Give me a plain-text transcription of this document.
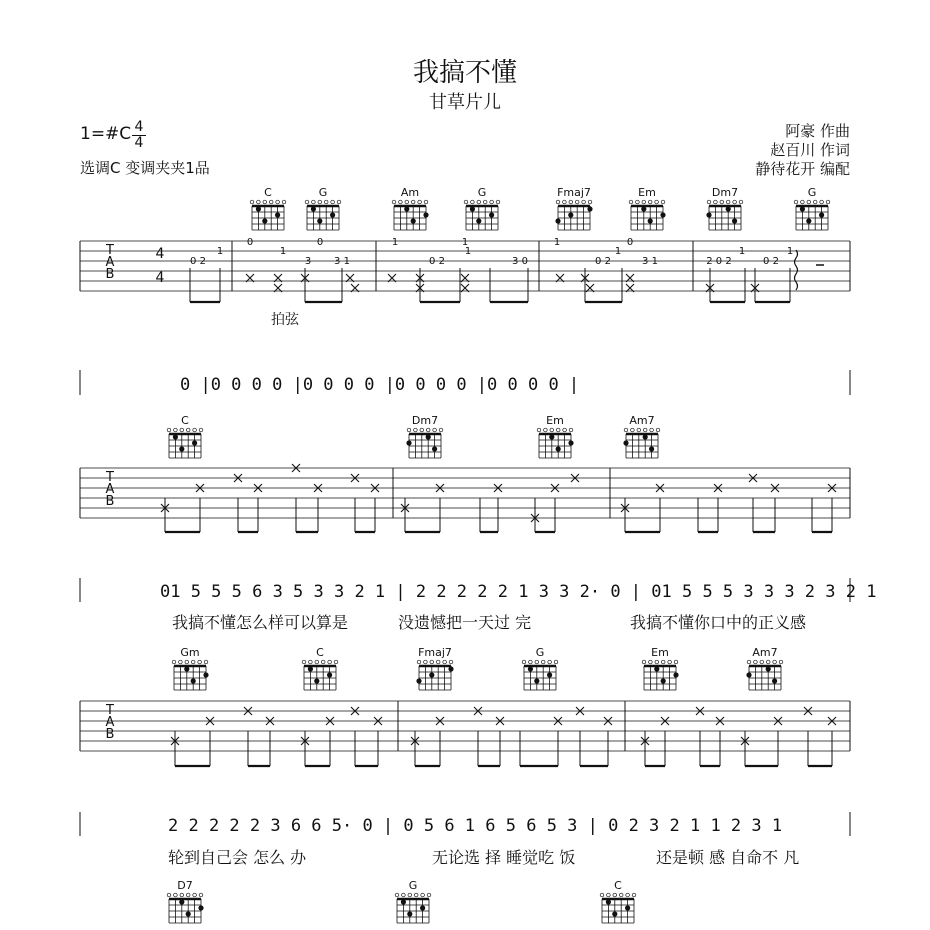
我搞不懂
甘草片儿
1=#C 4
4
选调C 变调夹夹1品
阿豪 作曲
赵百川 作词
静待花开 编配
C	G	Am	G	Fmaj7	Em	Dm7	G
T
A
B
4
4
0	0	1	1	1	0
0 2	3 3 1	0 2	3 0	0 2	3 1	2 0 2	0 2
1	1	1	1	1	1
拍弦
C	Dm7	Em	Am7
T
A
B
Gm	C	Fmaj7	G	Em	Am7
T
A
B
D7	G	C
0 |0 0 0 0 |0 0 0 0 |0 0 0 0 |0 0 0 0 |
01 5 5 5 6 3 5 3 3 2 1 | 2 2 2 2 2 1 3 3 2· 0 | 01 5 5 5 3 3 3 2 3 2 1
我搞不懂怎么样可以算是	没遗憾把一天过 完	我搞不懂你口中的正义感
2 2 2 2 2 3 6 6 5· 0 | 0 5 6 1 6 5 6 5 3 | 0 2 3 2 1 1 2 3 1
轮到自己会 怎么 办	无论选 择 睡觉吃 饭	还是顿 感 自命不 凡
